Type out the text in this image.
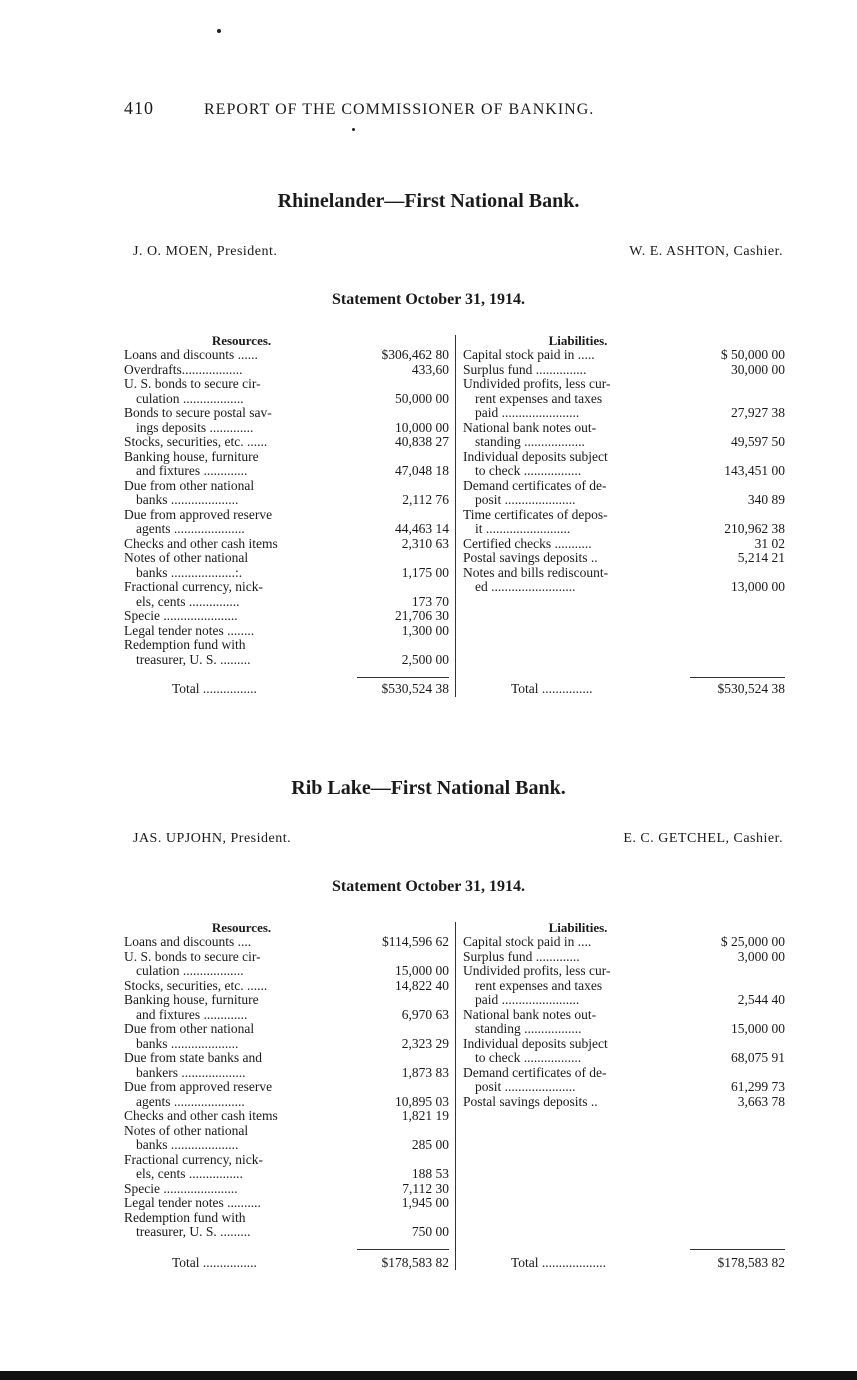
410	REPORT OF THE COMMISSIONER OF BANKING.
Rhinelander—First National Bank.
J. O. MOEN, President.	W. E. ASHTON, Cashier.
Statement October 31, 1914.
Resources.
Loans and discounts ......	$306,462 80
Overdrafts..................	433,60
U. S. bonds to secure cir-
culation ..................	50,000 00
Bonds to secure postal sav-
ings deposits .............	10,000 00
Stocks, securities, etc. ......	40,838 27
Banking house, furniture
and fixtures .............	47,048 18
Due from other national
banks ....................	2,112 76
Due from approved reserve
agents .....................	44,463 14
Checks and other cash items	2,310 63
Notes of other national
banks ...................:.	1,175 00
Fractional currency, nick-
els, cents ...............	173 70
Specie ......................	21,706 30
Legal tender notes ........	1,300 00
Redemption fund with
treasurer, U. S. .........	2,500 00
Liabilities.
Capital stock paid in .....	$ 50,000 00
Surplus fund ...............	30,000 00
Undivided profits, less cur-
rent expenses and taxes
paid .......................	27,927 38
National bank notes out-
standing ..................	49,597 50
Individual deposits subject
to check .................	143,451 00
Demand certificates of de-
posit .....................	340 89
Time certificates of depos-
it .........................	210,962 38
Certified checks ...........	31 02
Postal savings deposits ..	5,214 21
Notes and bills rediscount-
ed .........................	13,000 00
Total ................	$530,524 38	Total ...............	$530,524 38
Rib Lake—First National Bank.
JAS. UPJOHN, President.	E. C. GETCHEL, Cashier.
Statement October 31, 1914.
Resources.
Loans and discounts ....	$114,596 62
U. S. bonds to secure cir-
culation ..................	15,000 00
Stocks, securities, etc. ......	14,822 40
Banking house, furniture
and fixtures .............	6,970 63
Due from other national
banks ....................	2,323 29
Due from state banks and
bankers ...................	1,873 83
Due from approved reserve
agents .....................	10,895 03
Checks and other cash items	1,821 19
Notes of other national
banks ....................	285 00
Fractional currency, nick-
els, cents ................	188 53
Specie ......................	7,112 30
Legal tender notes ..........	1,945 00
Redemption fund with
treasurer, U. S. .........	750 00
Liabilities.
Capital stock paid in ....	$ 25,000 00
Surplus fund .............	3,000 00
Undivided profits, less cur-
rent expenses and taxes
paid .......................	2,544 40
National bank notes out-
standing .................	15,000 00
Individual deposits subject
to check .................	68,075 91
Demand certificates of de-
posit .....................	61,299 73
Postal savings deposits ..	3,663 78
Total ................	$178,583 82	Total ...................	$178,583 82
